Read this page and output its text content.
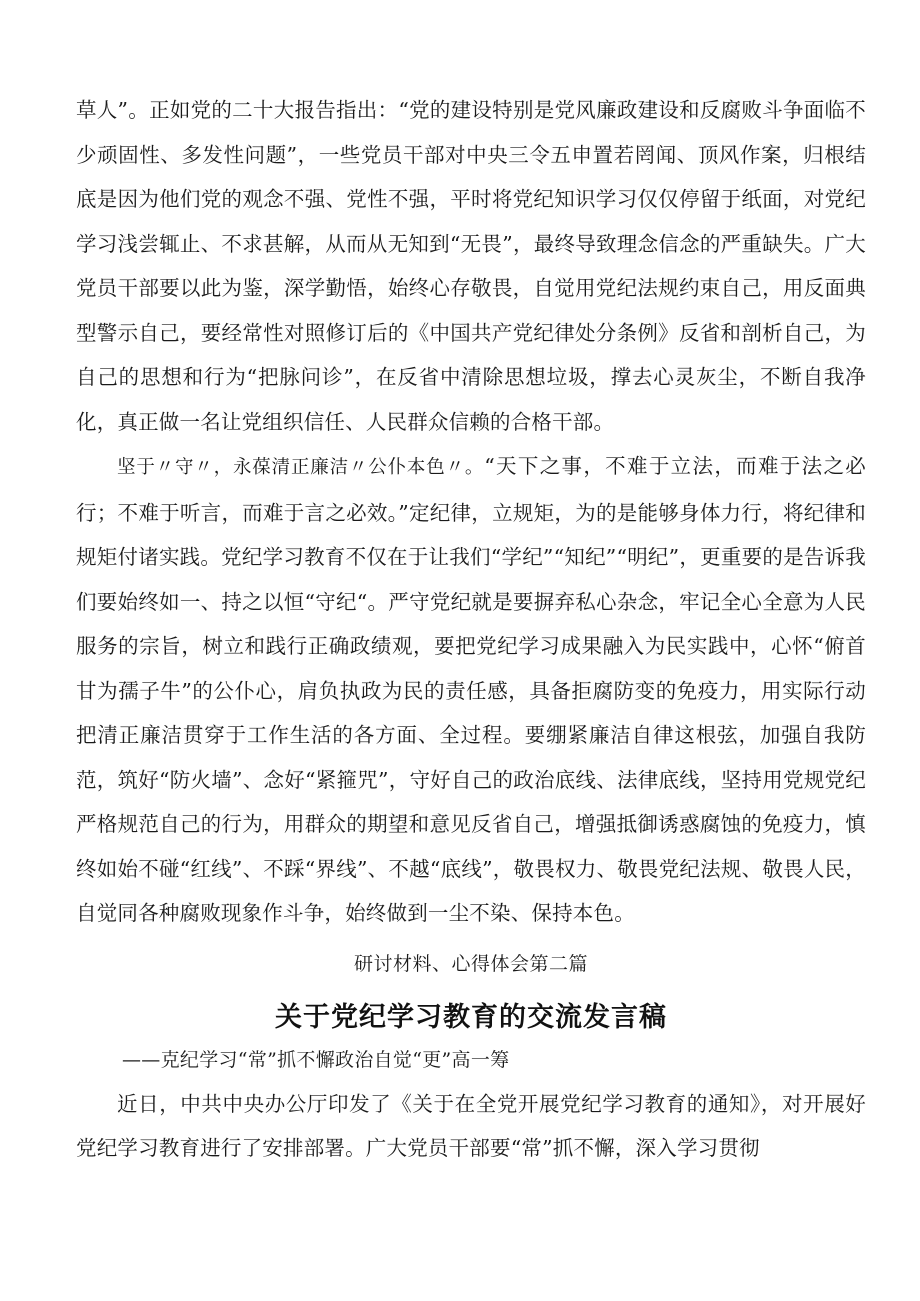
草人”。正如党的二十大报告指出：“党的建设特别是党风廉政建设和反腐败斗争面临不少顽固性、多发性问题”，一些党员干部对中央三令五申置若罔闻、顶风作案，归根结底是因为他们党的观念不强、党性不强，平时将党纪知识学习仅仅停留于纸面，对党纪学习浅尝辄止、不求甚解，从而从无知到“无畏”，最终导致理念信念的严重缺失。广大党员干部要以此为鉴，深学勤悟，始终心存敬畏，自觉用党纪法规约束自己，用反面典型警示自己，要经常性对照修订后的《中国共产党纪律处分条例》反省和剖析自己，为自己的思想和行为“把脉问诊”，在反省中清除思想垃圾，撑去心灵灰尘，不断自我净化，真正做一名让党组织信任、人民群众信赖的合格干部。

坚于〃守〃，永葆清正廉洁〃公仆本色〃。“天下之事，不难于立法，而难于法之必行；不难于听言，而难于言之必效。”定纪律，立规矩，为的是能够身体力行，将纪律和规矩付诸实践。党纪学习教育不仅在于让我们“学纪”“知纪”“明纪”，更重要的是告诉我们要始终如一、持之以恒“守纪“。严守党纪就是要摒弃私心杂念，牢记全心全意为人民服务的宗旨，树立和践行正确政绩观，要把党纪学习成果融入为民实践中，心怀“俯首甘为孺子牛”的公仆心，肩负执政为民的责任感，具备拒腐防变的免疫力，用实际行动把清正廉洁贯穿于工作生活的各方面、全过程。要绷紧廉洁自律这根弦，加强自我防范，筑好“防火墙”、念好“紧箍咒”，守好自己的政治底线、法律底线，坚持用党规党纪严格规范自己的行为，用群众的期望和意见反省自己，增强抵御诱惑腐蚀的免疫力，慎终如始不碰“红线”、不踩“界线”、不越“底线”，敬畏权力、敬畏党纪法规、敬畏人民，自觉同各种腐败现象作斗争，始终做到一尘不染、保持本色。

研讨材料、心得体会第二篇

关于党纪学习教育的交流发言稿

——克纪学习“常”抓不懈政治自觉“更”高一筹

近日，中共中央办公厅印发了《关于在全党开展党纪学习教育的通知》，对开展好党纪学习教育进行了安排部署。广大党员干部要“常”抓不懈，深入学习贯彻
